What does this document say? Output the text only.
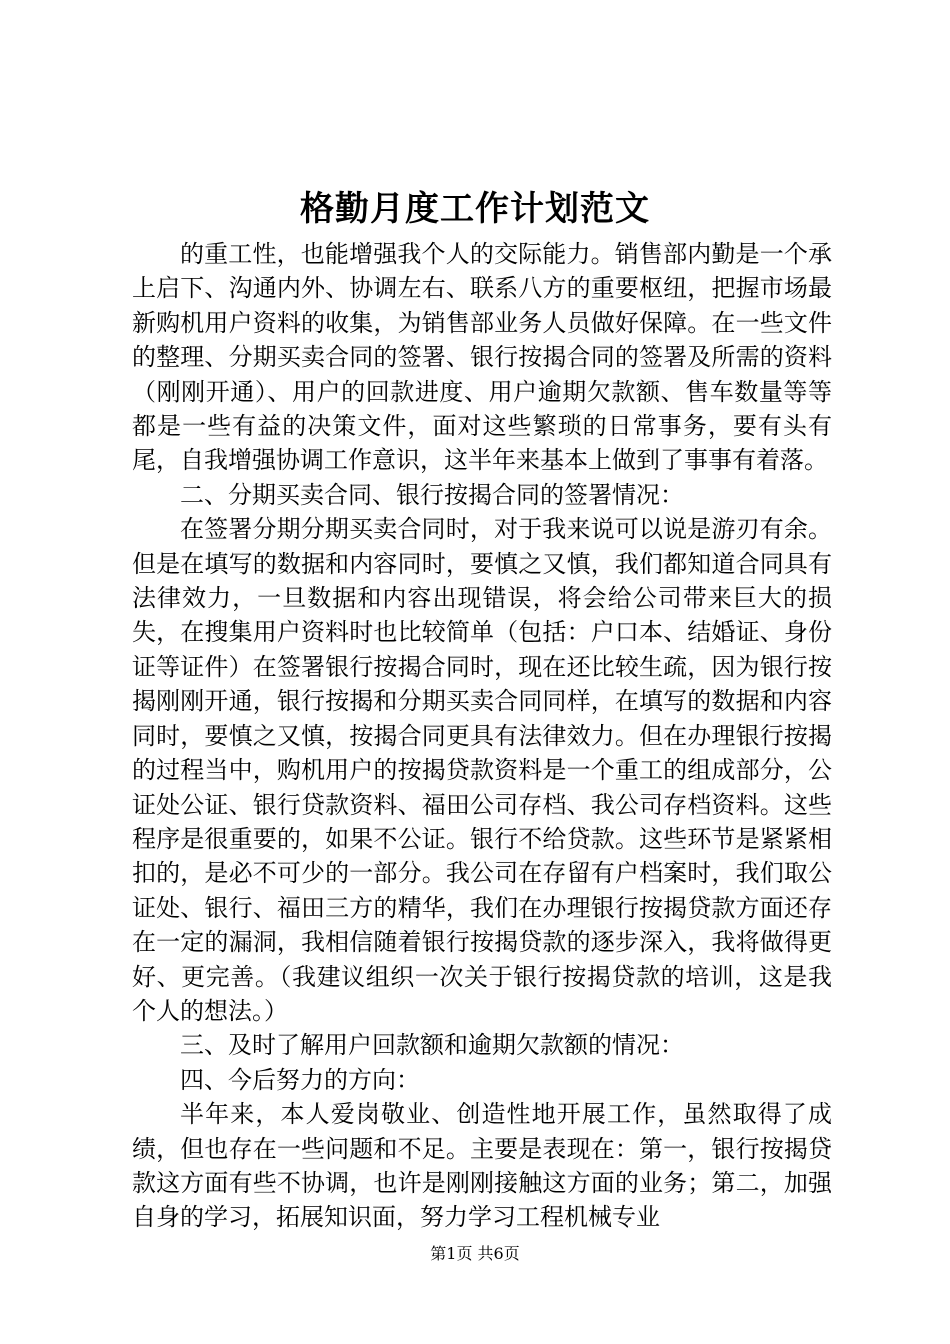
格勤月度工作计划范文

的重工性，也能增强我个人的交际能力。销售部内勤是一个承上启下、沟通内外、协调左右、联系八方的重要枢纽，把握市场最新购机用户资料的收集，为销售部业务人员做好保障。在一些文件的整理、分期买卖合同的签署、银行按揭合同的签署及所需的资料（刚刚开通）、用户的回款进度、用户逾期欠款额、售车数量等等都是一些有益的决策文件，面对这些繁琐的日常事务，要有头有尾，自我增强协调工作意识，这半年来基本上做到了事事有着落。

二、分期买卖合同、银行按揭合同的签署情况：

在签署分期分期买卖合同时，对于我来说可以说是游刃有余。但是在填写的数据和内容同时，要慎之又慎，我们都知道合同具有法律效力，一旦数据和内容出现错误，将会给公司带来巨大的损失，在搜集用户资料时也比较简单（包括：户口本、结婚证、身份证等证件）在签署银行按揭合同时，现在还比较生疏，因为银行按揭刚刚开通，银行按揭和分期买卖合同同样，在填写的数据和内容同时，要慎之又慎，按揭合同更具有法律效力。但在办理银行按揭的过程当中，购机用户的按揭贷款资料是一个重工的组成部分，公证处公证、银行贷款资料、福田公司存档、我公司存档资料。这些程序是很重要的，如果不公证。银行不给贷款。这些环节是紧紧相扣的，是必不可少的一部分。我公司在存留有户档案时，我们取公证处、银行、福田三方的精华，我们在办理银行按揭贷款方面还存在一定的漏洞，我相信随着银行按揭贷款的逐步深入，我将做得更好、更完善。（我建议组织一次关于银行按揭贷款的培训，这是我个人的想法。）

三、及时了解用户回款额和逾期欠款额的情况：

四、今后努力的方向：

半年来，本人爱岗敬业、创造性地开展工作，虽然取得了成绩，但也存在一些问题和不足。主要是表现在：第一，银行按揭贷款这方面有些不协调，也许是刚刚接触这方面的业务；第二，加强自身的学习，拓展知识面，努力学习工程机械专业

第1页 共6页
